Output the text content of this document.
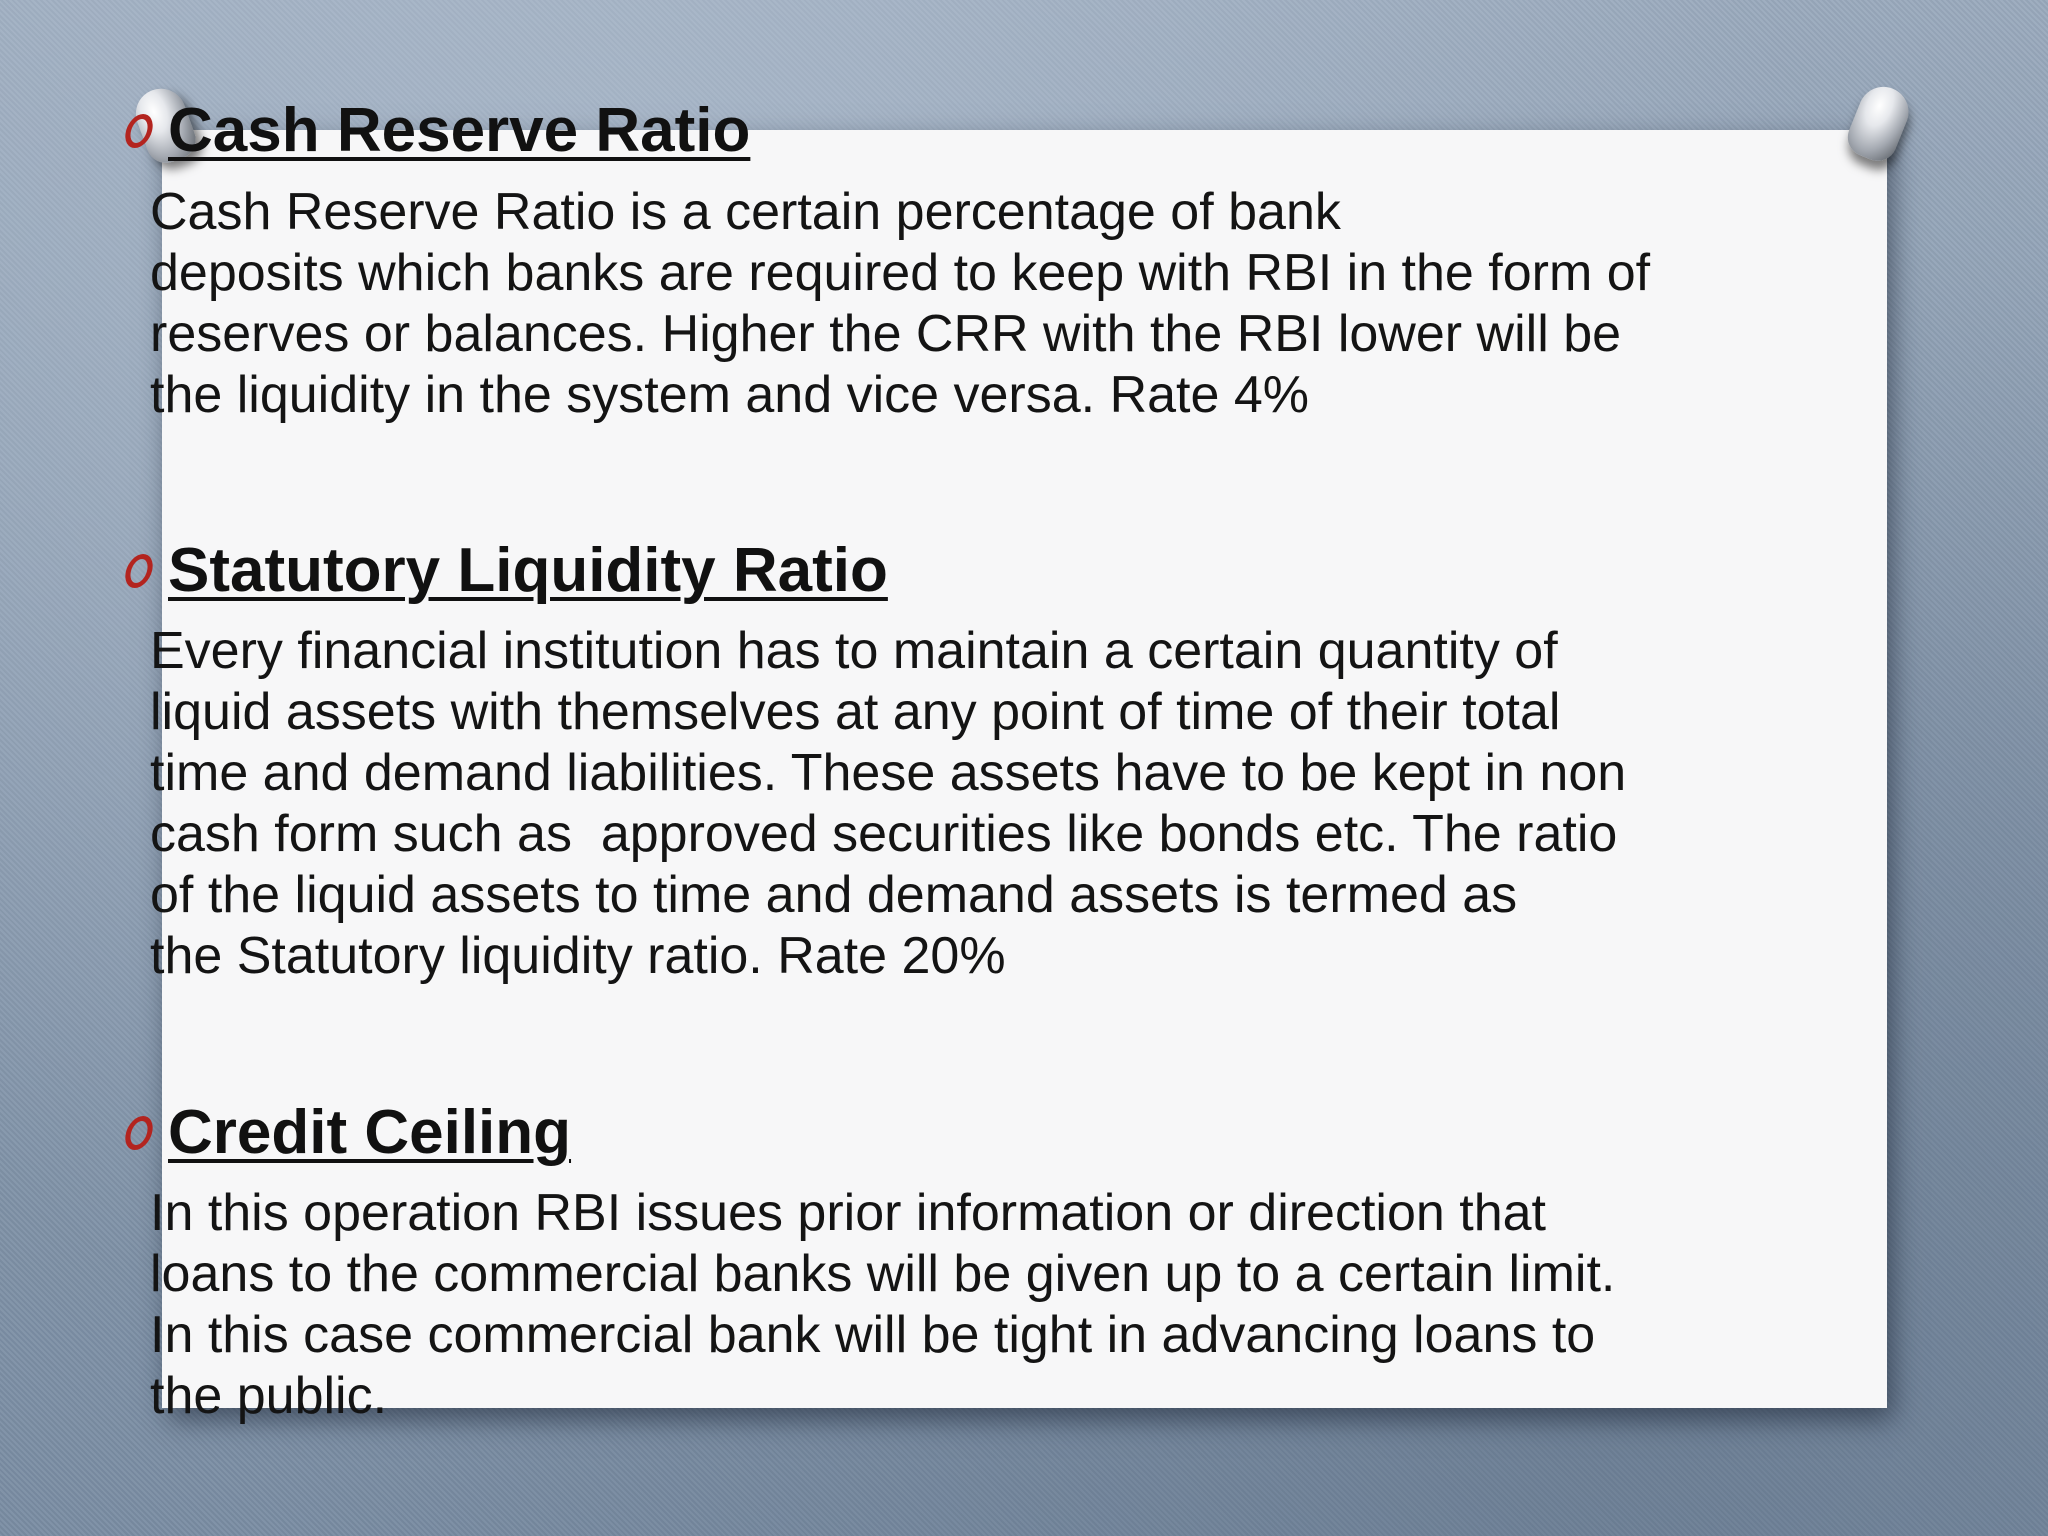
Cash Reserve Ratio
Cash Reserve Ratio is a certain percentage of bank
deposits which banks are required to keep with RBI in the form of
reserves or balances. Higher the CRR with the RBI lower will be
the liquidity in the system and vice versa. Rate 4%
Statutory Liquidity Ratio
Every financial institution has to maintain a certain quantity of
liquid assets with themselves at any point of time of their total
time and demand liabilities. These assets have to be kept in non
cash form such as  approved securities like bonds etc. The ratio
of the liquid assets to time and demand assets is termed as
the Statutory liquidity ratio. Rate 20%
Credit Ceiling
In this operation RBI issues prior information or direction that
loans to the commercial banks will be given up to a certain limit.
In this case commercial bank will be tight in advancing loans to
the public.
